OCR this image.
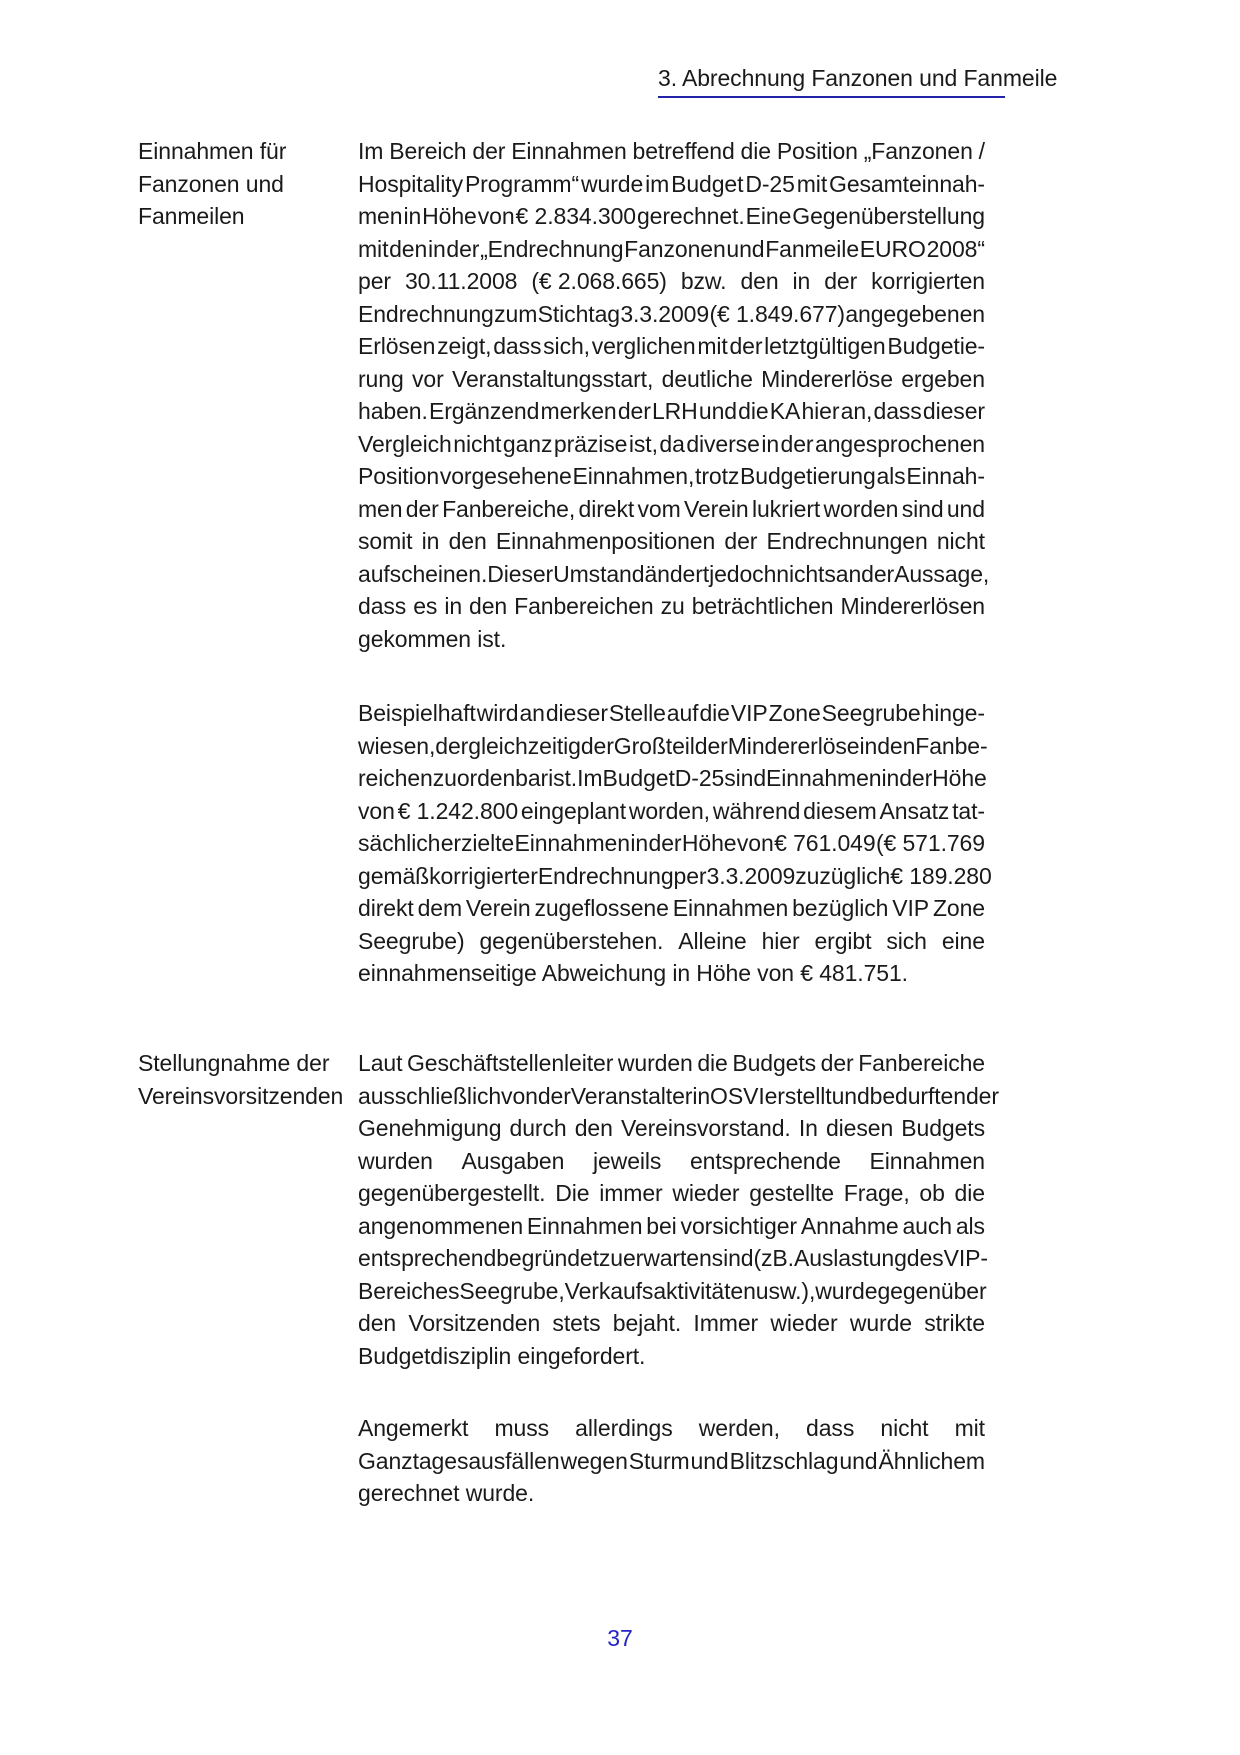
3. Abrechnung Fanzonen und Fanmeile
Einnahmen für
Fanzonen und
Fanmeilen
Stellungnahme der
Vereinsvorsitzenden
Im Bereich der Einnahmen betreffend die Position „Fanzonen /
Hospitality Programm“ wurde im Budget D-25 mit Gesamteinnah-
men in Höhe von € 2.834.300 gerechnet. Eine Gegenüberstellung
mit den in der „Endrechnung Fanzonen und Fanmeile EURO 2008“
per 30.11.2008 (€ 2.068.665) bzw. den in der korrigierten
Endrechnung zum Stichtag 3.3.2009 (€ 1.849.677) angegebenen
Erlösen zeigt, dass sich, verglichen mit der letztgültigen Budgetie-
rung vor Veranstaltungsstart, deutliche Mindererlöse ergeben
haben. Ergänzend merken der LRH und die KA hier an, dass dieser
Vergleich nicht ganz präzise ist, da diverse in der angesprochenen
Position vorgesehene Einnahmen, trotz Budgetierung als Einnah-
men der Fanbereiche, direkt vom Verein lukriert worden sind und
somit in den Einnahmenpositionen der Endrechnungen nicht
aufscheinen. Dieser Umstand ändert jedoch nichts an der Aussage,
dass es in den Fanbereichen zu beträchtlichen Mindererlösen
gekommen ist.
Beispielhaft wird an dieser Stelle auf die VIP Zone Seegrube hinge-
wiesen, der gleichzeitig der Großteil der Mindererlöse in den Fanbe-
reichen zuordenbar ist. Im Budget D-25 sind Einnahmen in der Höhe
von € 1.242.800 eingeplant worden, während diesem Ansatz tat-
sächlich erzielte Einnahmen in der Höhe von € 761.049 (€ 571.769
gemäß korrigierter Endrechnung per 3.3.2009 zuzüglich € 189.280
direkt dem Verein zugeflossene Einnahmen bezüglich VIP Zone
Seegrube) gegenüberstehen. Alleine hier ergibt sich eine
einnahmenseitige Abweichung in Höhe von € 481.751.
Laut Geschäftstellenleiter wurden die Budgets der Fanbereiche
ausschließlich von der Veranstalterin OSVI erstellt und bedurften der
Genehmigung durch den Vereinsvorstand. In diesen Budgets
wurden Ausgaben jeweils entsprechende Einnahmen
gegenübergestellt. Die immer wieder gestellte Frage, ob die
angenommenen Einnahmen bei vorsichtiger Annahme auch als
entsprechend begründet zu erwarten sind (zB. Auslastung des VIP-
Bereiches Seegrube, Verkaufsaktivitäten usw.), wurde gegenüber
den Vorsitzenden stets bejaht. Immer wieder wurde strikte
Budgetdisziplin eingefordert.
Angemerkt muss allerdings werden, dass nicht mit
Ganztagesausfällen wegen Sturm und Blitzschlag und Ähnlichem
gerechnet wurde.
37
